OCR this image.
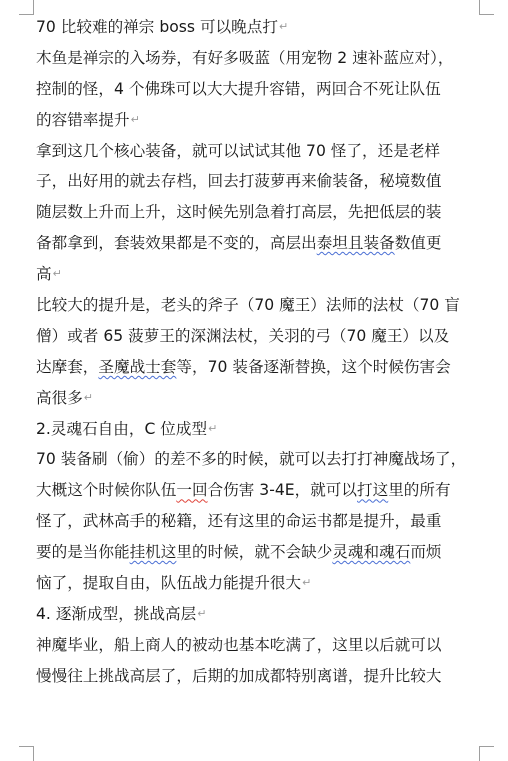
70 比较难的禅宗 boss 可以晚点打↵
木鱼是禅宗的入场券，有好多吸蓝（用宠物 2 速补蓝应对），
控制的怪，4 个佛珠可以大大提升容错，两回合不死让队伍
的容错率提升↵
拿到这几个核心装备，就可以试试其他 70 怪了，还是老样
子，出好用的就去存档，回去打菠萝再来偷装备，秘境数值
随层数上升而上升，这时候先别急着打高层，先把低层的装
备都拿到，套装效果都是不变的，高层出泰坦且装备数值更
高↵
比较大的提升是，老头的斧子（70 魔王）法师的法杖（70 盲
僧）或者 65 菠萝王的深渊法杖，关羽的弓（70 魔王）以及
达摩套，圣魔战士套等，70 装备逐渐替换，这个时候伤害会
高很多↵
2.灵魂石自由，C 位成型↵
70 装备刷（偷）的差不多的时候，就可以去打打神魔战场了，
大概这个时候你队伍一回合伤害 3-4E，就可以打这里的所有
怪了，武林高手的秘籍，还有这里的命运书都是提升，最重
要的是当你能挂机这里的时候，就不会缺少灵魂和魂石而烦
恼了，提取自由，队伍战力能提升很大↵
4. 逐渐成型，挑战高层↵
神魔毕业，船上商人的被动也基本吃满了，这里以后就可以
慢慢往上挑战高层了，后期的加成都特别离谱，提升比较大
